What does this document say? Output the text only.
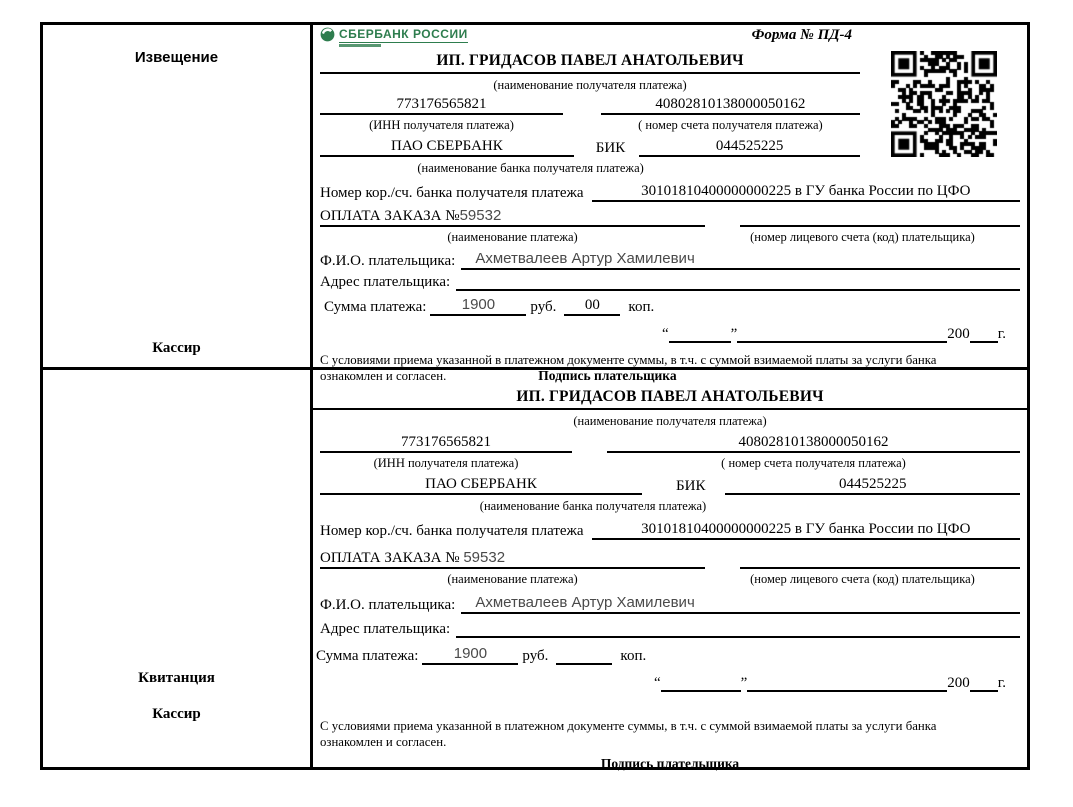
Извещение
Кассир
СБЕРБАНК РОССИИ	Форма № ПД-4
ИП. ГРИДАСОВ ПАВЕЛ АНАТОЛЬЕВИЧ
(наименование получателя платежа)
773176565821	40802810138000050162
(ИНН получателя платежа)	( номер счета получателя платежа)
ПАО СБЕРБАНК	БИК	044525225
(наименование банка получателя платежа)
Номер кор./сч. банка получателя платежа	30101810400000000225 в ГУ банка России по ЦФО
ОПЛАТА ЗАКАЗА №59532
(наименование платежа)	(номер лицевого счета (код) плательщика)
Ф.И.О. плательщика:	Ахметвалеев Артур Хамилевич
Адрес плательщика:
Сумма платежа:	1900	руб.	00	коп.
“	”	200 г.
С условиями приема указанной в платежном документе суммы, в т.ч. с суммой взимаемой платы за услуги банка
ознакомлен и согласен.	Подпись плательщика
Квитанция
Кассир
ИП. ГРИДАСОВ ПАВЕЛ АНАТОЛЬЕВИЧ
(наименование получателя платежа)
773176565821	40802810138000050162
(ИНН получателя платежа)	( номер счета получателя платежа)
ПАО СБЕРБАНК	БИК	044525225
(наименование банка получателя платежа)
Номер кор./сч. банка получателя платежа	30101810400000000225 в ГУ банка России по ЦФО
ОПЛАТА ЗАКАЗА № 59532
(наименование платежа)	(номер лицевого счета (код) плательщика)
Ф.И.О. плательщика:	Ахметвалеев Артур Хамилевич
Адрес плательщика:
Сумма платежа:	1900	руб.	коп.
“	”	200 г.
С условиями приема указанной в платежном документе суммы, в т.ч. с суммой взимаемой платы за услуги банка
ознакомлен и согласен.
Подпись плательщика
